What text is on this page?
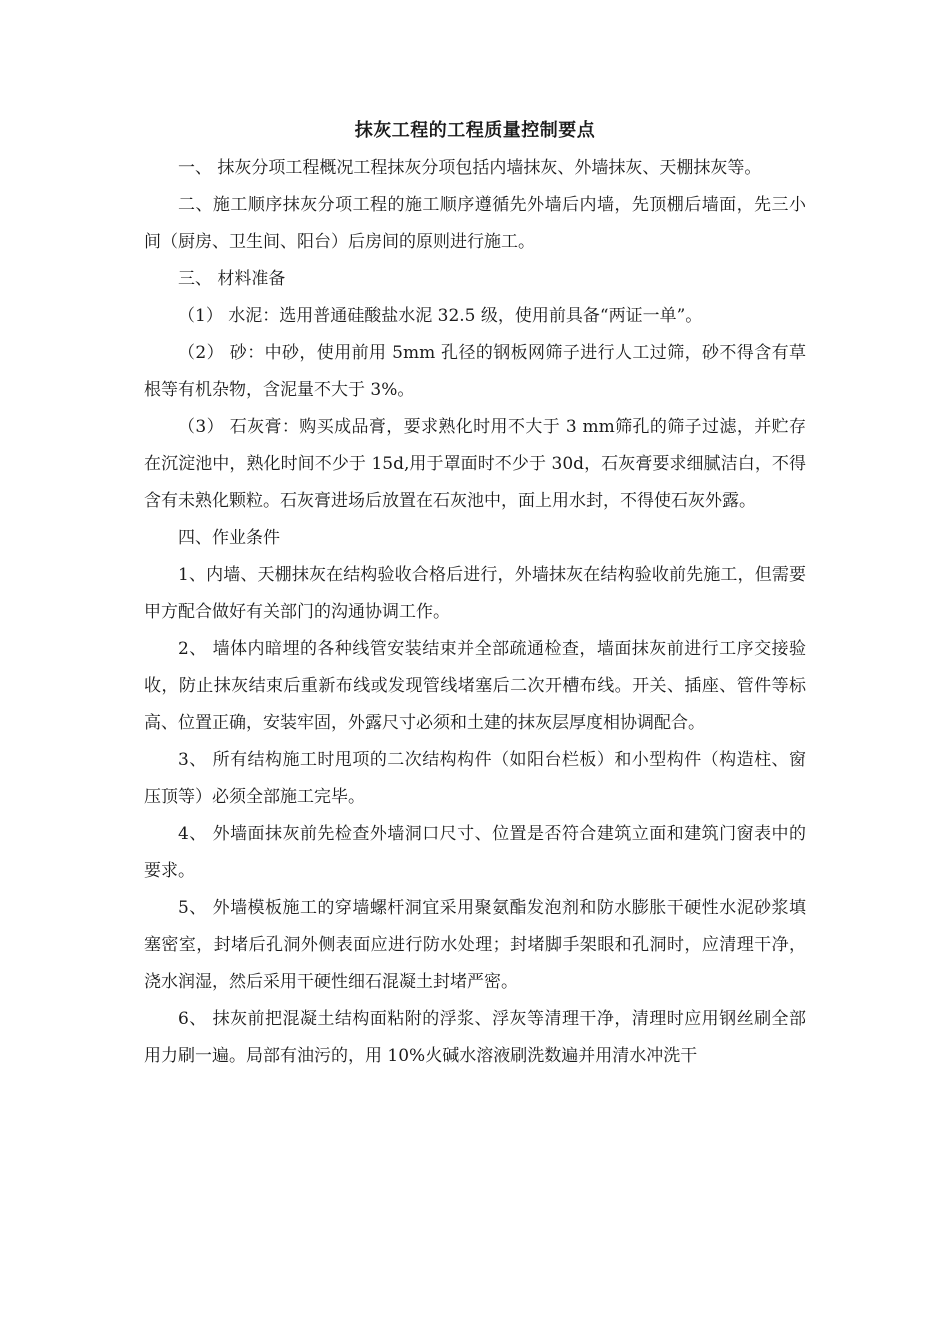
抹灰工程的工程质量控制要点

一、 抹灰分项工程概况工程抹灰分项包括内墙抹灰、外墙抹灰、天棚抹灰等。

二、施工顺序抹灰分项工程的施工顺序遵循先外墙后内墙，先顶棚后墙面，先三小间（厨房、卫生间、阳台）后房间的原则进行施工。

三、 材料准备

（1） 水泥：选用普通硅酸盐水泥 32.5 级，使用前具备“两证一单”。

（2） 砂：中砂，使用前用 5mm 孔径的钢板网筛子进行人工过筛，砂不得含有草根等有机杂物，含泥量不大于 3%。

（3） 石灰膏：购买成品膏，要求熟化时用不大于 3 mm筛孔的筛子过滤，并贮存在沉淀池中，熟化时间不少于 15d,用于罩面时不少于 30d，石灰膏要求细腻洁白，不得含有未熟化颗粒。石灰膏进场后放置在石灰池中，面上用水封，不得使石灰外露。

四、作业条件

1、内墙、天棚抹灰在结构验收合格后进行，外墙抹灰在结构验收前先施工，但需要甲方配合做好有关部门的沟通协调工作。

2、 墙体内暗埋的各种线管安装结束并全部疏通检查，墙面抹灰前进行工序交接验收，防止抹灰结束后重新布线或发现管线堵塞后二次开槽布线。开关、插座、管件等标高、位置正确，安装牢固，外露尺寸必须和土建的抹灰层厚度相协调配合。

3、 所有结构施工时甩项的二次结构构件（如阳台栏板）和小型构件（构造柱、窗压顶等）必须全部施工完毕。

4、 外墙面抹灰前先检查外墙洞口尺寸、位置是否符合建筑立面和建筑门窗表中的要求。

5、 外墙模板施工的穿墙螺杆洞宜采用聚氨酯发泡剂和防水膨胀干硬性水泥砂浆填塞密室，封堵后孔洞外侧表面应进行防水处理；封堵脚手架眼和孔洞时，应清理干净，浇水润湿，然后采用干硬性细石混凝土封堵严密。

6、 抹灰前把混凝土结构面粘附的浮浆、浮灰等清理干净，清理时应用钢丝刷全部用力刷一遍。局部有油污的，用 10%火碱水溶液刷洗数遍并用清水冲洗干
